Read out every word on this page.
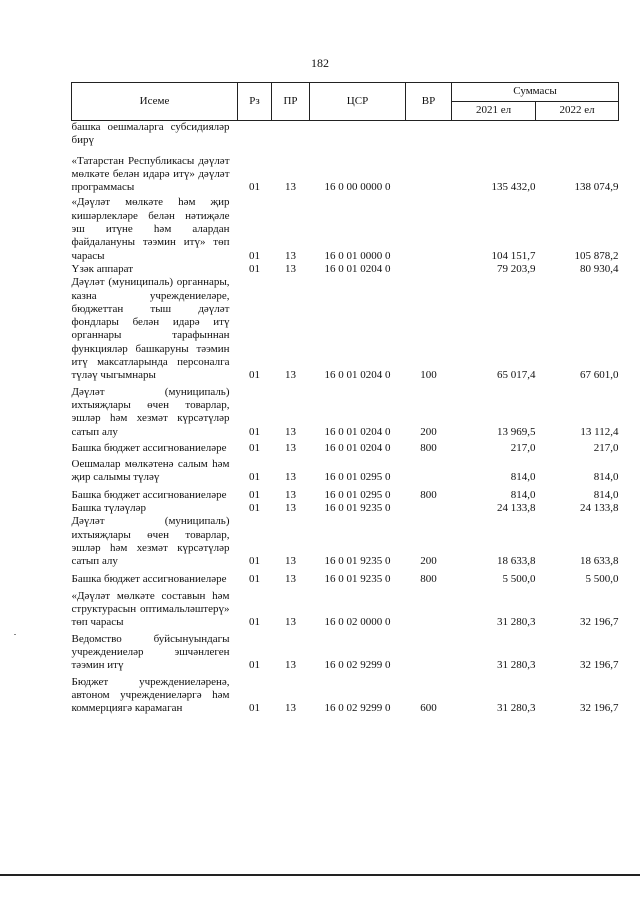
182
Исеме	Рз	ПР	ЦСР	ВР	Суммасы	
					2021 ел	2022 ел
башка оешмаларга субсидияләр бирү						
«Татарстан Республикасы дәүләт мөлкәте белән идарә итү» дәүләт программасы	01	13	16 0 00 0000 0		135 432,0	138 074,9
«Дәүләт мөлкәте һәм җир кишәрлекләре белән нәтиҗәле эш итүне һәм алардан файдалануны тәэмин итү» төп чарасы	01	13	16 0 01 0000 0		104 151,7	105 878,2
Үзәк аппарат	01	13	16 0 01 0204 0		79 203,9	80 930,4
Дәүләт (муниципаль) органнары, казна учреждениеләре, бюджеттан тыш дәүләт фондлары белән идарә итү органнары тарафыннан функцияләр башкаруны тәэмин итү максатларында персоналга түләү чыгымнары	01	13	16 0 01 0204 0	100	65 017,4	67 601,0
Дәүләт (муниципаль) ихтыяҗлары өчен товарлар, эшләр һәм хезмәт күрсәтүләр сатып алу	01	13	16 0 01 0204 0	200	13 969,5	13 112,4
Башка бюджет ассигнованиеләре	01	13	16 0 01 0204 0	800	217,0	217,0
Оешмалар мөлкәтенә салым һәм җир салымы түләү	01	13	16 0 01 0295 0		814,0	814,0
Башка бюджет ассигнованиеләре	01	13	16 0 01 0295 0	800	814,0	814,0
Башка түләүләр	01	13	16 0 01 9235 0		24 133,8	24 133,8
Дәүләт (муниципаль) ихтыяҗлары өчен товарлар, эшләр һәм хезмәт күрсәтүләр сатып алу	01	13	16 0 01 9235 0	200	18 633,8	18 633,8
Башка бюджет ассигнованиеләре	01	13	16 0 01 9235 0	800	5 500,0	5 500,0
«Дәүләт мөлкәте составын һәм структурасын оптимальләштерү» төп чарасы	01	13	16 0 02 0000 0		31 280,3	32 196,7
Ведомство буйсынуындагы учреждениеләр эшчәнлеген тәэмин итү	01	13	16 0 02 9299 0		31 280,3	32 196,7
Бюджет учреждениеләренә, автоном учреждениеләргә һәм коммерциягә карамаган	01	13	16 0 02 9299 0	600	31 280,3	32 196,7
